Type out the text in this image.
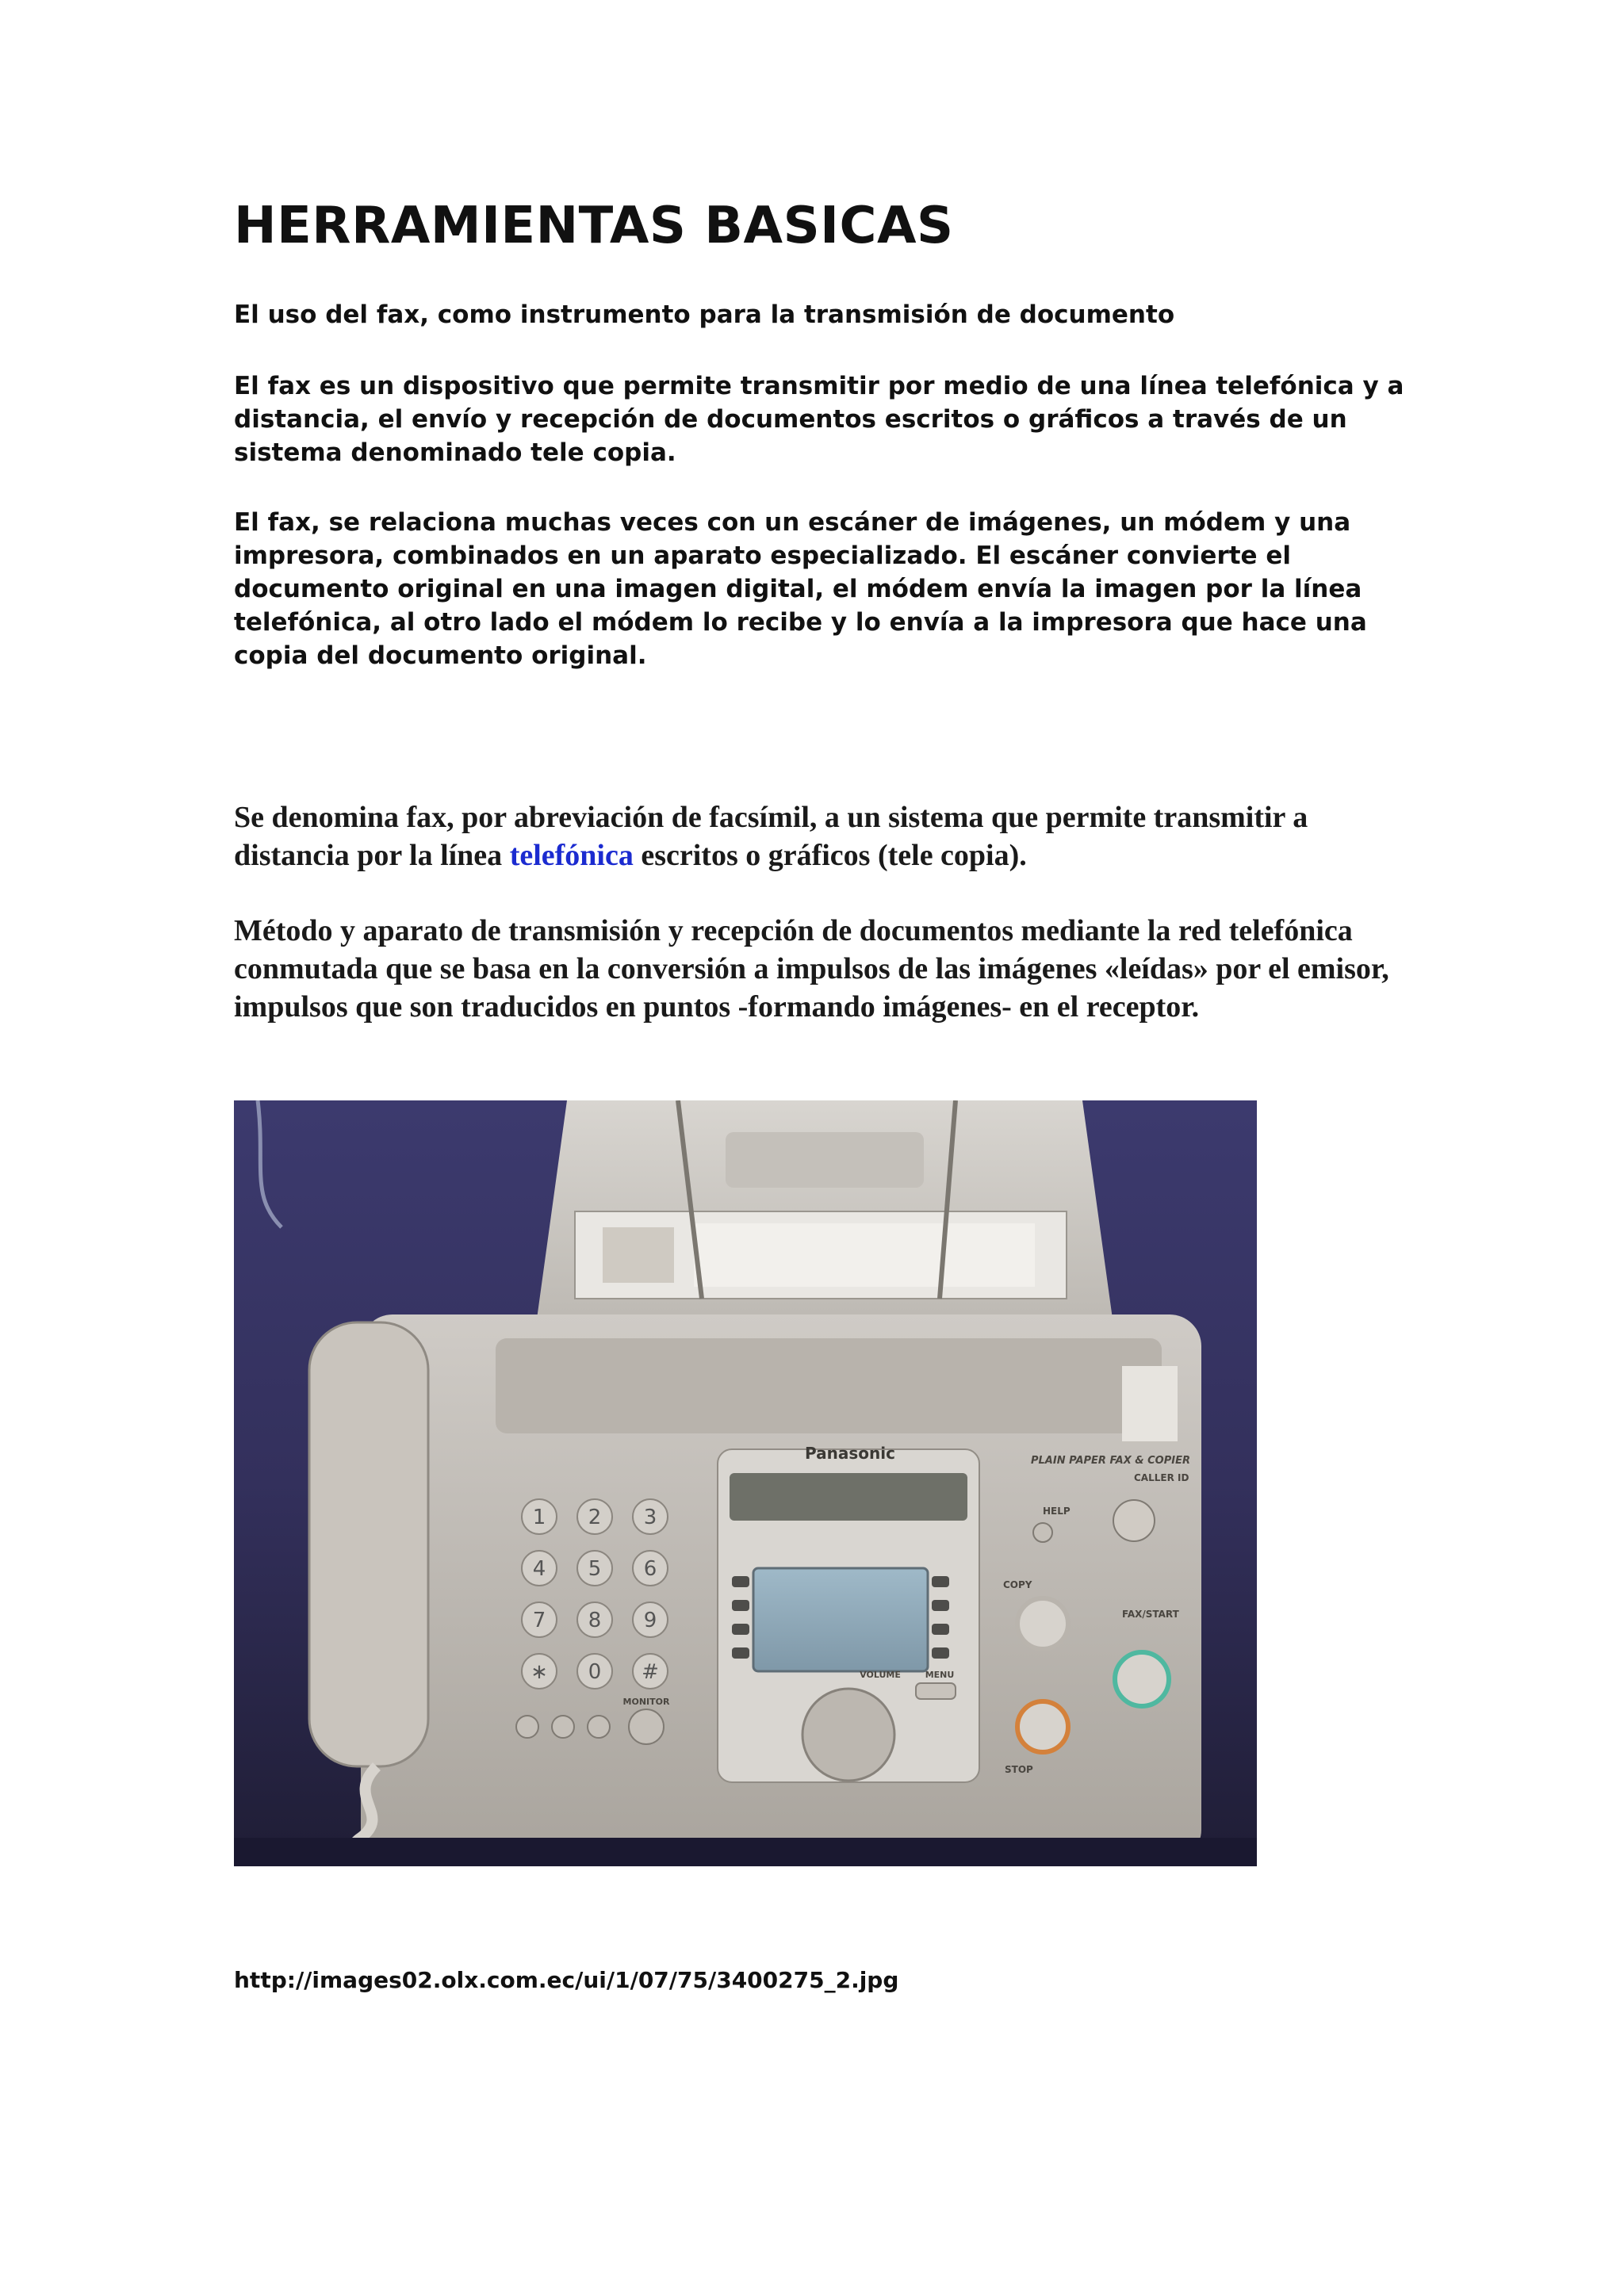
HERRAMIENTAS BASICAS

El uso del fax, como instrumento para la transmisión de documento

El fax es un dispositivo que permite transmitir por medio de una línea telefónica y a distancia, el envío y recepción de documentos escritos o gráficos a través de un sistema denominado tele copia.

El fax, se relaciona muchas veces con un escáner de imágenes, un módem y una impresora, combinados en un aparato especializado. El escáner convierte el documento original en una imagen digital, el módem envía la imagen por la línea telefónica, al otro lado el módem lo recibe y lo envía a la impresora que hace una copia del documento original.

Se denomina fax, por abreviación de facsímil, a un sistema que permite transmitir a distancia por la línea telefónica escritos o gráficos (tele copia).

Método y aparato de transmisión y recepción de documentos mediante la red telefónica conmutada que se basa en la conversión a impulsos de las imágenes «leídas» por el emisor, impulsos que son traducidos en puntos -formando imágenes- en el receptor.

1 2 3
4 5 6
7 8 9
∗ 0 #
MONITOR
Panasonic
VOLUME	MENU
PLAIN PAPER FAX & COPIER
HELP
CALLER ID
COPY
FAX/START
STOP

http://images02.olx.com.ec/ui/1/07/75/3400275_2.jpg
